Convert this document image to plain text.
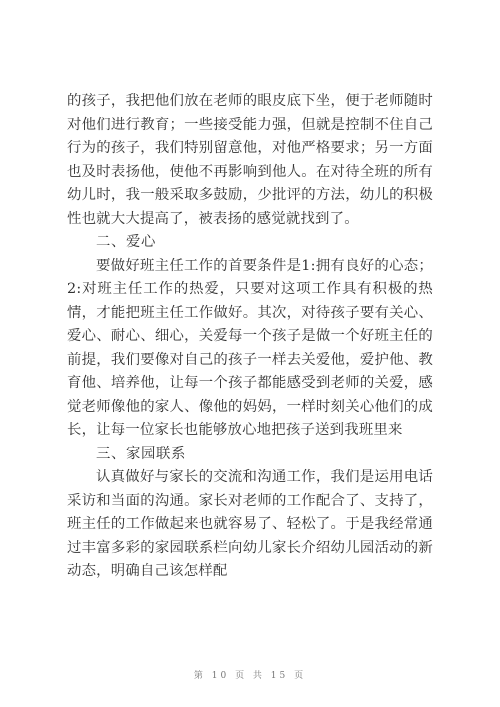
的孩子，我把他们放在老师的眼皮底下坐，便于老师随时对他们进行教育；一些接受能力强，但就是控制不住自己行为的孩子，我们特别留意他，对他严格要求；另一方面也及时表扬他，使他不再影响到他人。在对待全班的所有幼儿时，我一般采取多鼓励，少批评的方法，幼儿的积极性也就大大提高了，被表扬的感觉就找到了。

二、爱心

要做好班主任工作的首要条件是1:拥有良好的心态；2:对班主任工作的热爱，只要对这项工作具有积极的热情，才能把班主任工作做好。其次，对待孩子要有关心、爱心、耐心、细心，关爱每一个孩子是做一个好班主任的前提，我们要像对自己的孩子一样去关爱他，爱护他、教育他、培养他，让每一个孩子都能感受到老师的关爱，感觉老师像他的家人、像他的妈妈，一样时刻关心他们的成长，让每一位家长也能够放心地把孩子送到我班里来

三、家园联系

认真做好与家长的交流和沟通工作，我们是运用电话采访和当面的沟通。家长对老师的工作配合了、支持了，班主任的工作做起来也就容易了、轻松了。于是我经常通过丰富多彩的家园联系栏向幼儿家长介绍幼儿园活动的新动态，明确自己该怎样配

第 10 页 共 15 页
